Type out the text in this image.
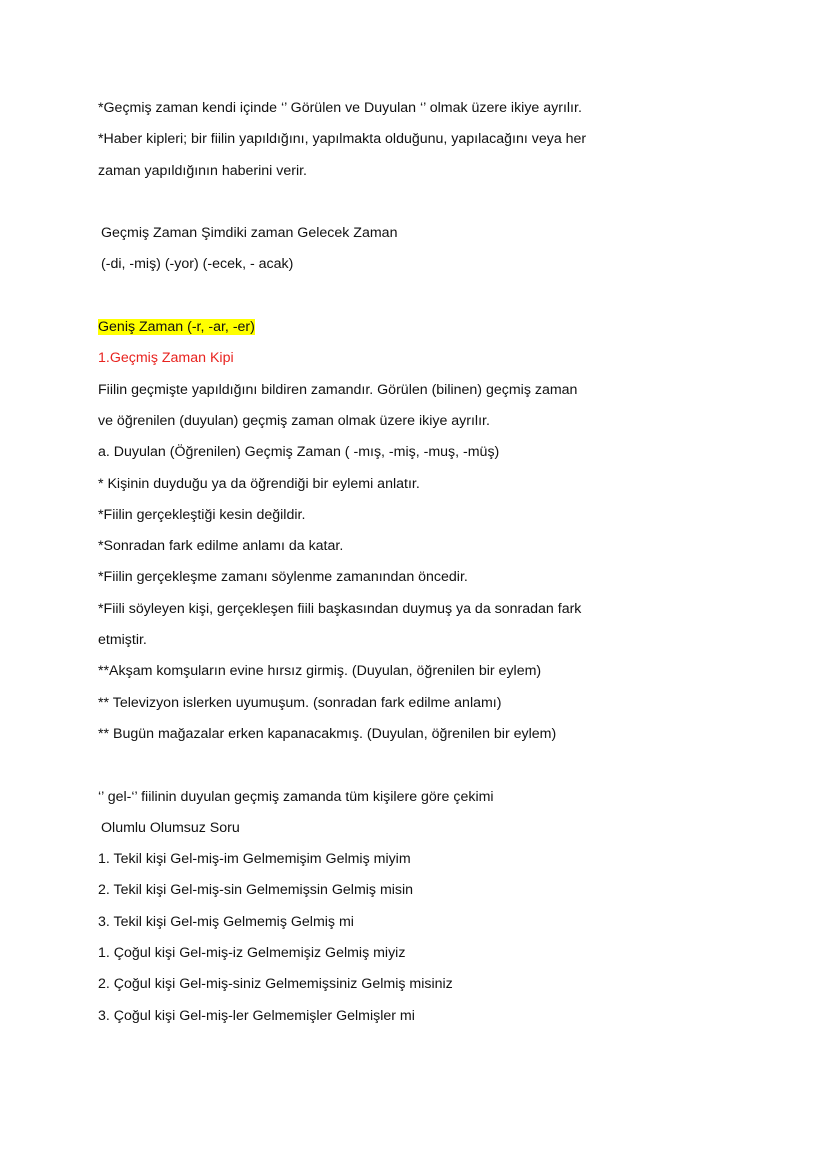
*Geçmiş zaman kendi içinde ‘’ Görülen ve Duyulan ‘’ olmak üzere ikiye ayrılır.
*Haber kipleri; bir fiilin yapıldığını, yapılmakta olduğunu, yapılacağını veya her
zaman yapıldığının haberini verir.
Geçmiş Zaman Şimdiki zaman Gelecek Zaman
(-di, -miş) (-yor) (-ecek, - acak)
Geniş Zaman (-r, -ar, -er)
1.Geçmiş Zaman Kipi
Fiilin geçmişte yapıldığını bildiren zamandır. Görülen (bilinen) geçmiş zaman
ve öğrenilen (duyulan) geçmiş zaman olmak üzere ikiye ayrılır.
a. Duyulan (Öğrenilen) Geçmiş Zaman ( -mış, -miş, -muş, -müş)
* Kişinin duyduğu ya da öğrendiği bir eylemi anlatır.
*Fiilin gerçekleştiği kesin değildir.
*Sonradan fark edilme anlamı da katar.
*Fiilin gerçekleşme zamanı söylenme zamanından öncedir.
*Fiili söyleyen kişi, gerçekleşen fiili başkasından duymuş ya da sonradan fark
etmiştir.
**Akşam komşuların evine hırsız girmiş. (Duyulan, öğrenilen bir eylem)
** Televizyon islerken uyumuşum. (sonradan fark edilme anlamı)
** Bugün mağazalar erken kapanacakmış. (Duyulan, öğrenilen bir eylem)
‘’ gel-‘’ fiilinin duyulan geçmiş zamanda tüm kişilere göre çekimi
Olumlu Olumsuz Soru
1. Tekil kişi Gel-miş-im Gelmemişim Gelmiş miyim
2. Tekil kişi Gel-miş-sin Gelmemişsin Gelmiş misin
3. Tekil kişi Gel-miş Gelmemiş Gelmiş mi
1. Çoğul kişi Gel-miş-iz Gelmemişiz Gelmiş miyiz
2. Çoğul kişi Gel-miş-siniz Gelmemişsiniz Gelmiş misiniz
3. Çoğul kişi Gel-miş-ler Gelmemişler Gelmişler mi
